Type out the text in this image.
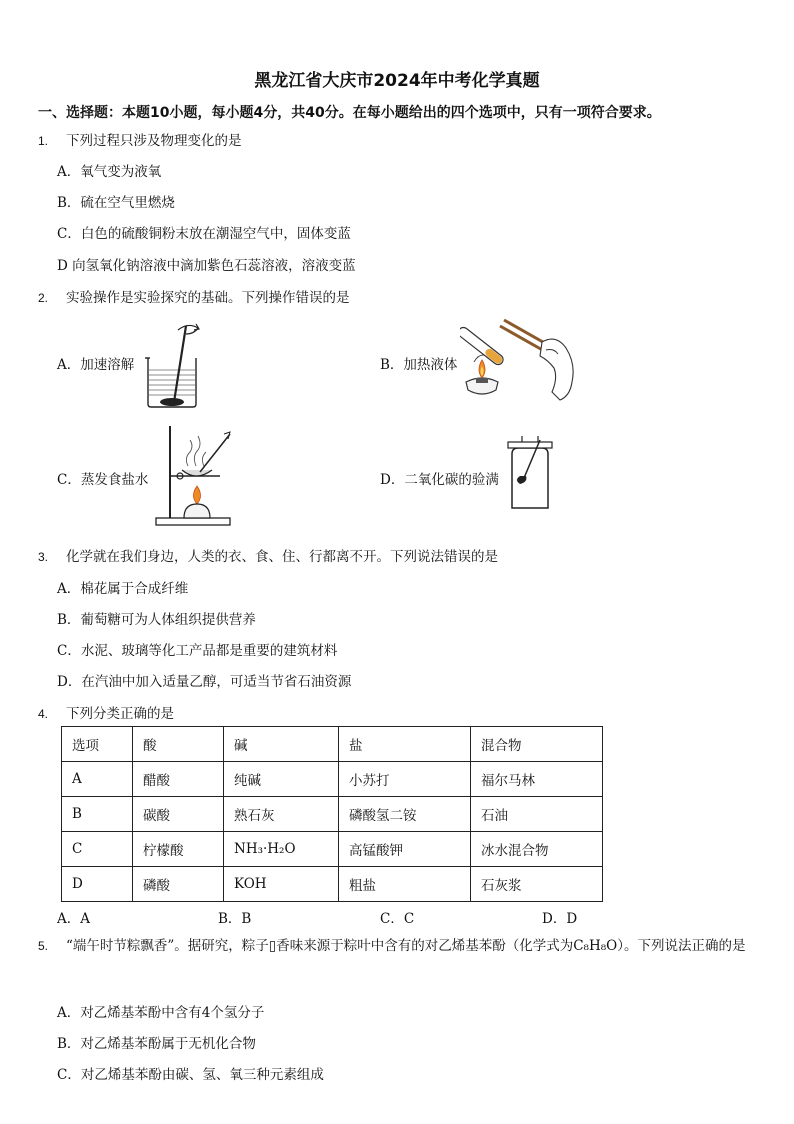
黑龙江省大庆市2024年中考化学真题
一、选择题：本题10小题，每小题4分，共40分。在每小题给出的四个选项中，只有一项符合要求。
1. 下列过程只涉及物理变化的是
A．氧气变为液氧
B．硫在空气里燃烧
C．白色的硫酸铜粉末放在潮湿空气中，固体变蓝
D 向氢氧化钠溶液中滴加紫色石蕊溶液，溶液变蓝
2. 实验操作是实验探究的基础。下列操作错误的是
A．加速溶解	B．加热液体
C．蒸发食盐水	D．二氧化碳的验满
3. 化学就在我们身边，人类的衣、食、住、行都离不开。下列说法错误的是
A．棉花属于合成纤维
B．葡萄糖可为人体组织提供营养
C．水泥、玻璃等化工产品都是重要的建筑材料
D．在汽油中加入适量乙醇，可适当节省石油资源
4. 下列分类正确的是
选项	酸	碱	盐	混合物
A	醋酸	纯碱	小苏打	福尔马林
B	碳酸	熟石灰	磷酸氢二铵	石油
C	柠檬酸	NH₃·H₂O	高锰酸钾	冰水混合物
D	磷酸	KOH	粗盐	石灰浆
A．A	B．B	C．C	D．D
5. “端午时节粽飘香”。据研究，粽子▯香味来源于粽叶中含有的对乙烯基苯酚（化学式为C₈H₈O）。下列说法正确的是
A．对乙烯基苯酚中含有4个氢分子
B．对乙烯基苯酚属于无机化合物
C．对乙烯基苯酚由碳、氢、氧三种元素组成
